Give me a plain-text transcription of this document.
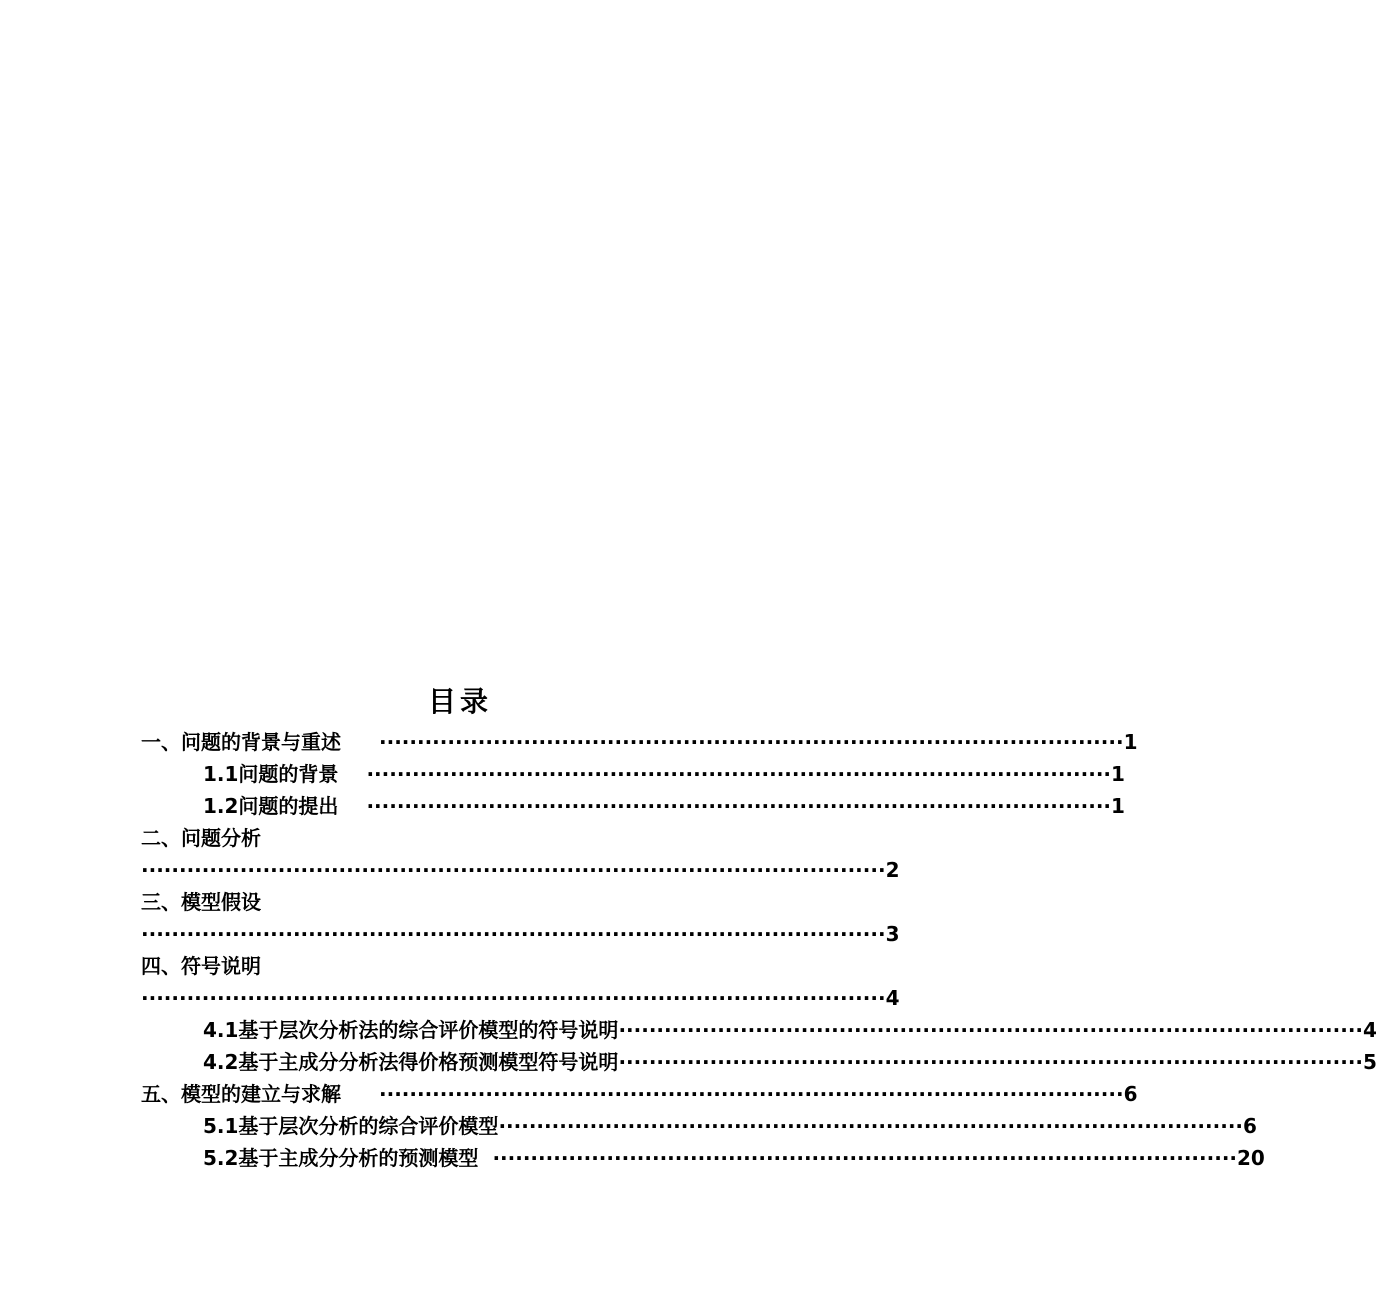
目录
一、问题的背景与重述 ·································································································· 1
1.1问题的背景 ·································································································· 1
1.2问题的提出 ·································································································· 1
二、问题分析
·································································································· 2
三、模型假设
·································································································· 3
四、符号说明
·································································································· 4
4.1基于层次分析法的综合评价模型的符号说明 ·································································································· 4
4.2基于主成分分析法得价格预测模型符号说明 ·································································································· 5
五、模型的建立与求解 ·································································································· 6
5.1基于层次分析的综合评价模型 ·································································································· 6
5.2基于主成分分析的预测模型 ·································································································· 20
